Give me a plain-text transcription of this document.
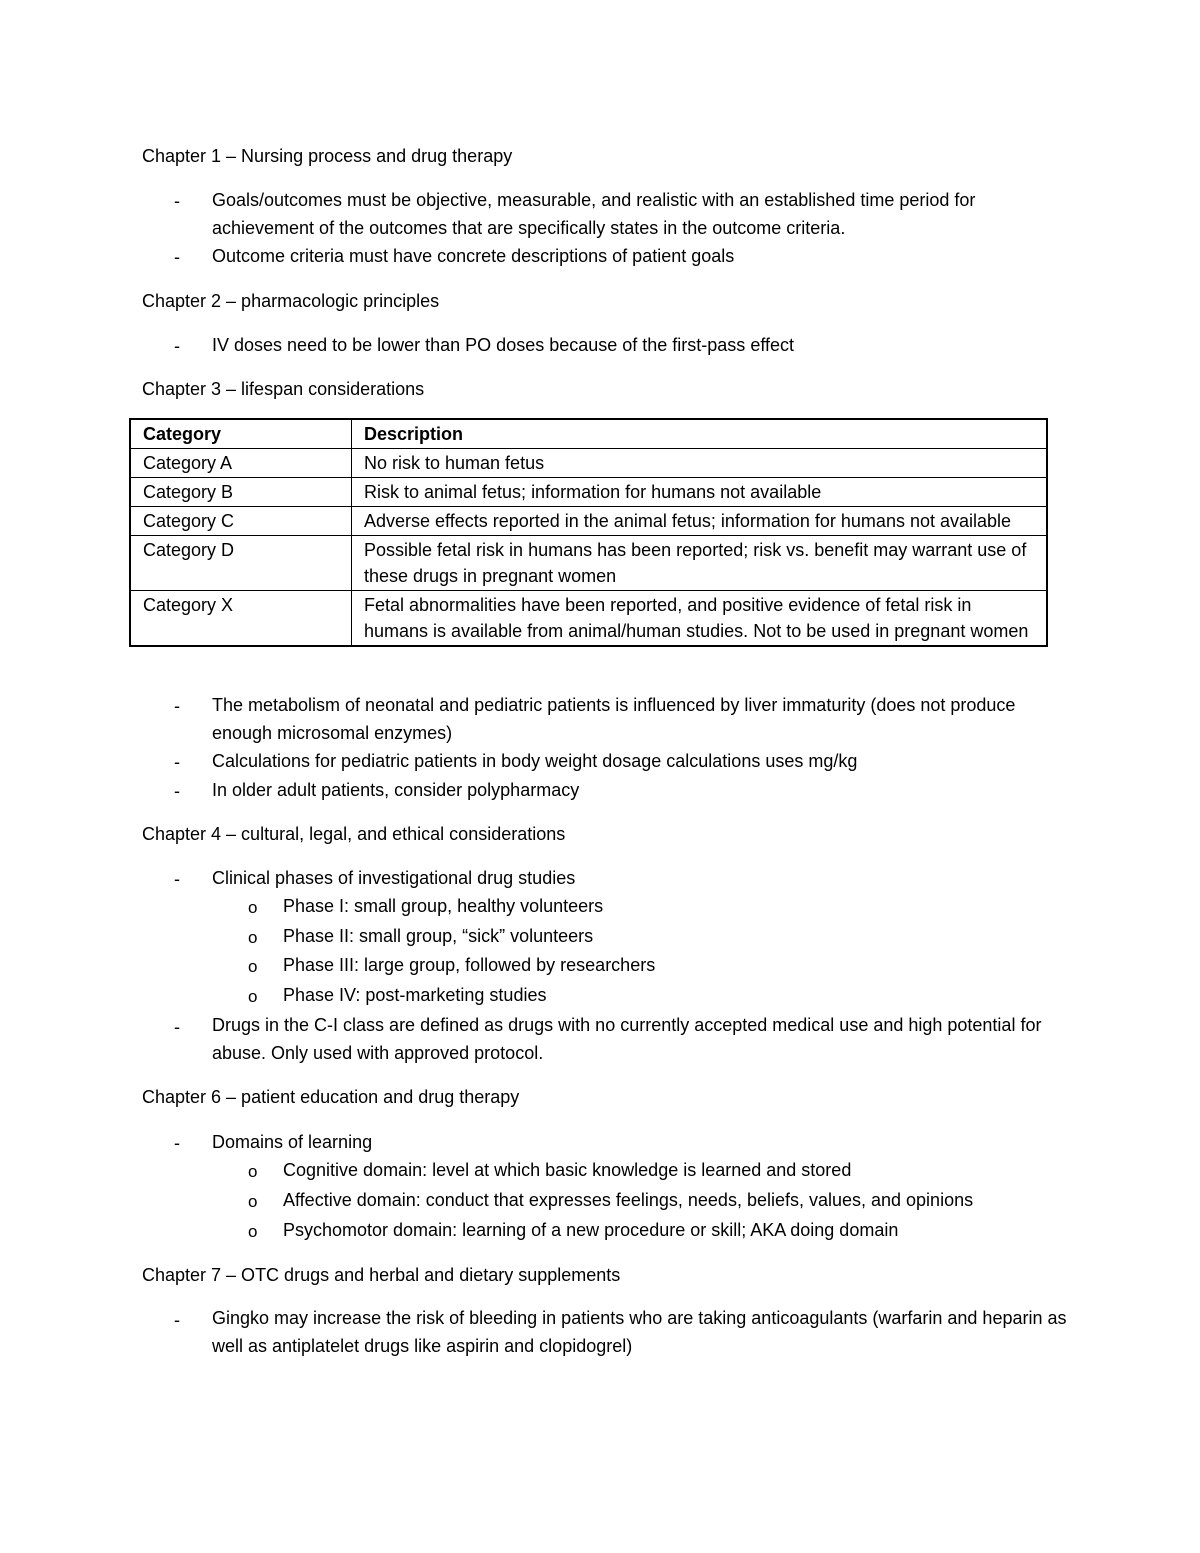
Chapter 1 – Nursing process and drug therapy
- Goals/outcomes must be objective, measurable, and realistic with an established time period for achievement of the outcomes that are specifically states in the outcome criteria.
- Outcome criteria must have concrete descriptions of patient goals
Chapter 2 – pharmacologic principles
- IV doses need to be lower than PO doses because of the first-pass effect
Chapter 3 – lifespan considerations
Category	Description
Category A	No risk to human fetus
Category B	Risk to animal fetus; information for humans not available
Category C	Adverse effects reported in the animal fetus; information for humans not available
Category D	Possible fetal risk in humans has been reported; risk vs. benefit may warrant use of these drugs in pregnant women
Category X	Fetal abnormalities have been reported, and positive evidence of fetal risk in humans is available from animal/human studies. Not to be used in pregnant women
- The metabolism of neonatal and pediatric patients is influenced by liver immaturity (does not produce enough microsomal enzymes)
- Calculations for pediatric patients in body weight dosage calculations uses mg/kg
- In older adult patients, consider polypharmacy
Chapter 4 – cultural, legal, and ethical considerations
- Clinical phases of investigational drug studies
o Phase I: small group, healthy volunteers
o Phase II: small group, “sick” volunteers
o Phase III: large group, followed by researchers
o Phase IV: post-marketing studies
- Drugs in the C-I class are defined as drugs with no currently accepted medical use and high potential for abuse. Only used with approved protocol.
Chapter 6 – patient education and drug therapy
- Domains of learning
o Cognitive domain: level at which basic knowledge is learned and stored
o Affective domain: conduct that expresses feelings, needs, beliefs, values, and opinions
o Psychomotor domain: learning of a new procedure or skill; AKA doing domain
Chapter 7 – OTC drugs and herbal and dietary supplements
- Gingko may increase the risk of bleeding in patients who are taking anticoagulants (warfarin and heparin as well as antiplatelet drugs like aspirin and clopidogrel)
